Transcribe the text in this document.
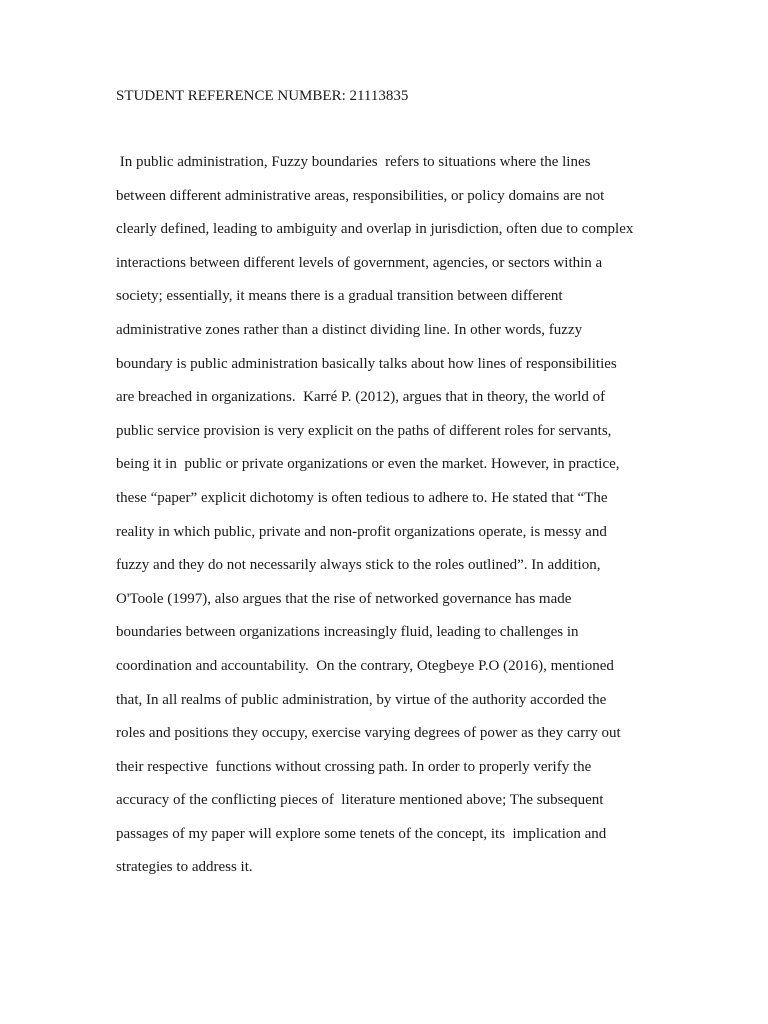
STUDENT REFERENCE NUMBER: 21113835
In public administration, Fuzzy boundaries  refers to situations where the lines
between different administrative areas, responsibilities, or policy domains are not
clearly defined, leading to ambiguity and overlap in jurisdiction, often due to complex
interactions between different levels of government, agencies, or sectors within a
society; essentially, it means there is a gradual transition between different
administrative zones rather than a distinct dividing line. In other words, fuzzy
boundary is public administration basically talks about how lines of responsibilities
are breached in organizations.  Karré P. (2012), argues that in theory, the world of
public service provision is very explicit on the paths of different roles for servants,
being it in  public or private organizations or even the market. However, in practice,
these “paper” explicit dichotomy is often tedious to adhere to. He stated that “The
reality in which public, private and non-profit organizations operate, is messy and
fuzzy and they do not necessarily always stick to the roles outlined”. In addition,
O'Toole (1997), also argues that the rise of networked governance has made
boundaries between organizations increasingly fluid, leading to challenges in
coordination and accountability.  On the contrary, Otegbeye P.O (2016), mentioned
that, In all realms of public administration, by virtue of the authority accorded the
roles and positions they occupy, exercise varying degrees of power as they carry out
their respective  functions without crossing path. In order to properly verify the
accuracy of the conflicting pieces of  literature mentioned above; The subsequent
passages of my paper will explore some tenets of the concept, its  implication and
strategies to address it.
